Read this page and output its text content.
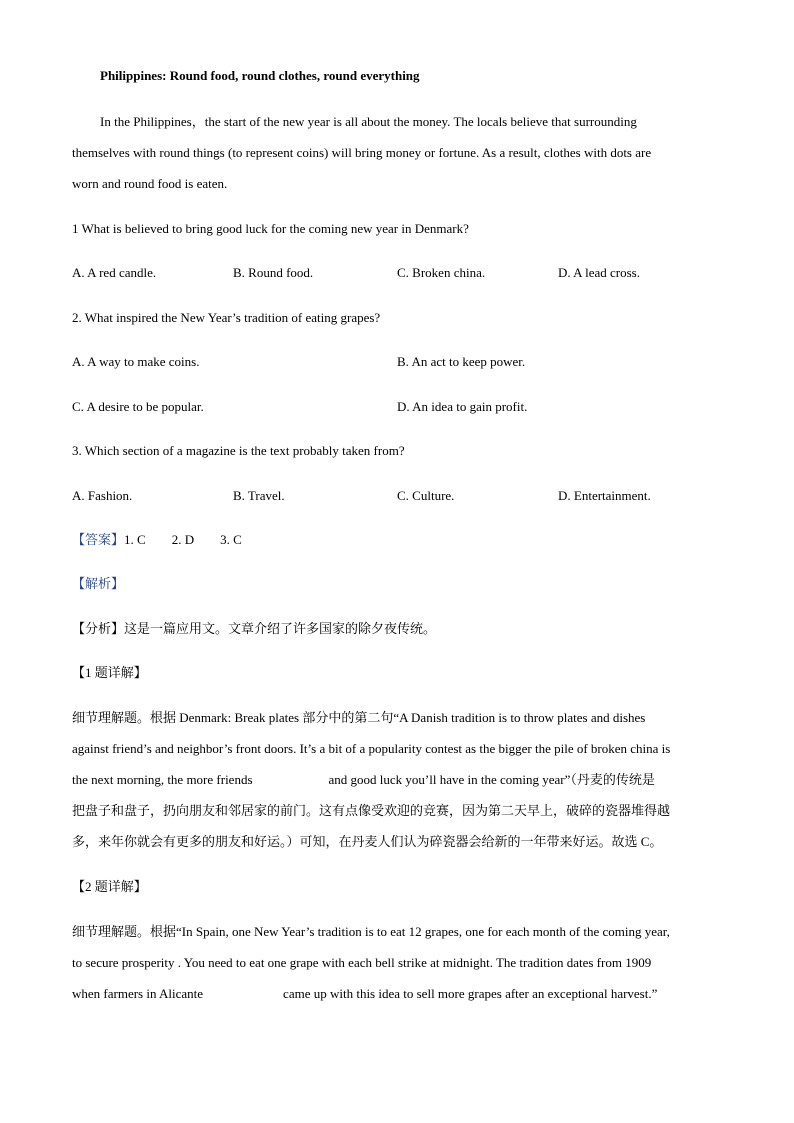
Philippines: Round food, round clothes, round everything
In the Philippines，the start of the new year is all about the money. The locals believe that surrounding
themselves with round things (to represent coins) will bring money or fortune. As a result, clothes with dots are
worn and round food is eaten.
1 What is believed to bring good luck for the coming new year in Denmark?
A. A red candle.	B. Round food.	C. Broken china.	D. A lead cross.
2. What inspired the New Year’s tradition of eating grapes?
A. A way to make coins.	B. An act to keep power.
C. A desire to be popular.	D. An idea to gain profit.
3. Which section of a magazine is the text probably taken from?
A. Fashion.	B. Travel.	C. Culture.	D. Entertainment.
【答案】1. C 2. D 3. C
【解析】
【分析】这是一篇应用文。文章介绍了许多国家的除夕夜传统。
【1 题详解】
细节理解题。根据 Denmark: Break plates 部分中的第二句“A Danish tradition is to throw plates and dishes
against friend’s and neighbor’s front doors. It’s a bit of a popularity contest as the bigger the pile of broken china is
the next morning, the more friends	and good luck you’ll have in the coming year”（丹麦的传统是
把盘子和盘子，扔向朋友和邻居家的前门。这有点像受欢迎的竞赛，因为第二天早上，破碎的瓷器堆得越
多，来年你就会有更多的朋友和好运。）可知，在丹麦人们认为碎瓷器会给新的一年带来好运。故选 C。
【2 题详解】
细节理解题。根据“In Spain, one New Year’s tradition is to eat 12 grapes, one for each month of the coming year,
to secure prosperity . You need to eat one grape with each bell strike at midnight. The tradition dates from 1909
when farmers in Alicante	came up with this idea to sell more grapes after an exceptional harvest.”
